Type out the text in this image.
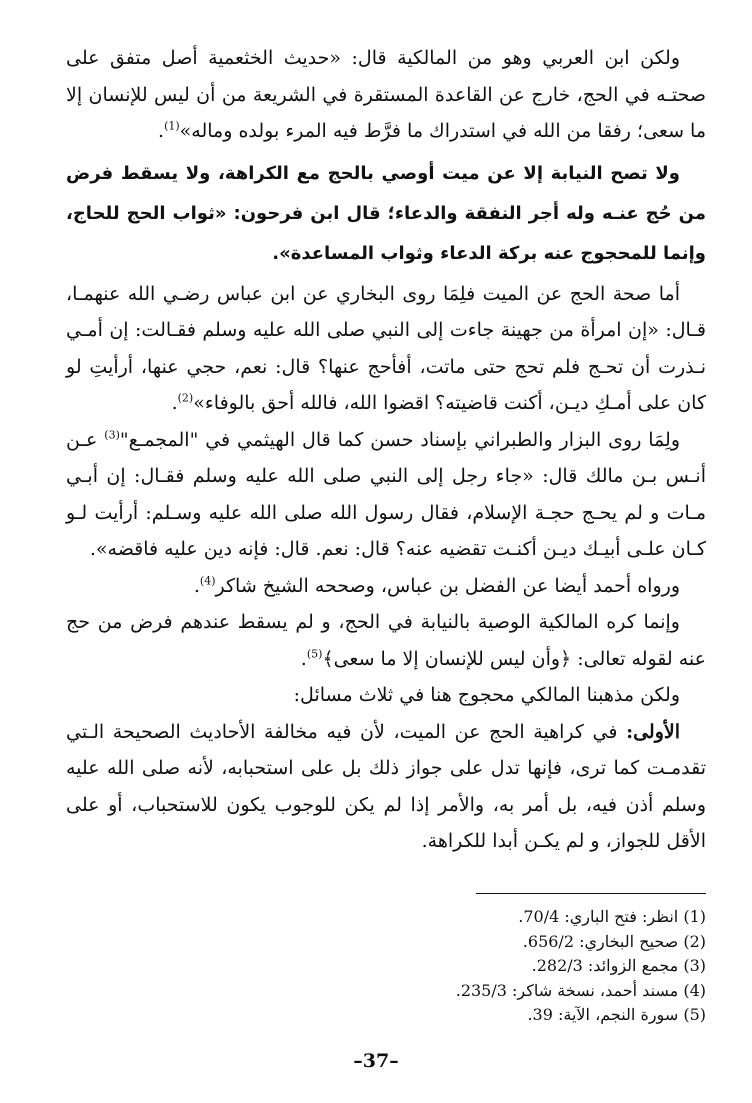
ولكن ابن العربي وهو من المالكية قال: «حديث الخثعمية أصل متفق على صحتـه في الحج، خارج عن القاعدة المستقرة في الشريعة من أن ليس للإنسان إلا ما سعى؛ رفقا من الله في استدراك ما فرَّط فيه المرء بولده وماله»$^{(1)}$.

ولا تصح النيابة إلا عن ميت أوصي بالحج مع الكراهة، ولا يسقط فرض من حُج عنـه وله أجر النفقة والدعاء؛ قال ابن فرحون: «ثواب الحج للحاج، وإنما للمحجوج عنه بركة الدعاء وثواب المساعدة».

أما صحة الحج عن الميت فلِمَا روى البخاري عن ابن عباس رضـي الله عنهمـا، قـال: «إن امرأة من جهينة جاءت إلى النبي صلى الله عليه وسلم فقـالت: إن أمـي نـذرت أن تحـج فلم تحج حتى ماتت، أفأحج عنها؟ قال: نعم، حجي عنها، أرأيتِ لو كان على أمـكِ ديـن، أكنت قاضيته؟ اقضوا الله، فالله أحق بالوفاء»$^{(2)}$.

ولِمَا روى البزار والطبراني بإسناد حسن كما قال الهيثمي في "المجمـع"$^{(3)}$ عـن أنـس بـن مالك قال: «جاء رجل إلى النبي صلى الله عليه وسلم فقـال: إن أبـي مـات و لم يحـج حجـة الإسلام، فقال رسول الله صلى الله عليه وسـلم: أرأيت لـو كـان علـى أبيـك ديـن أكنـت تقضيه عنه؟ قال: نعم. قال: فإنه دين عليه فاقضه».

ورواه أحمد أيضا عن الفضل بن عباس، وصححه الشيخ شاكر$^{(4)}$.

وإنما كره المالكية الوصية بالنيابة في الحج، و لم يسقط عندهم فرض من حج عنه لقوله تعالى: ﴿وأن ليس للإنسان إلا ما سعى﴾$^{(5)}$.

ولكن مذهبنا المالكي محجوج هنا في ثلاث مسائل:

الأولى: في كراهية الحج عن الميت، لأن فيه مخالفة الأحاديث الصحيحة الـتي تقدمـت كما ترى، فإنها تدل على جواز ذلك بل على استحبابه، لأنه صلى الله عليه وسلم أذن فيه، بل أمر به، والأمر إذا لم يكن للوجوب يكون للاستحباب، أو على الأقل للجواز، و لم يكـن أبدا للكراهة.

(1) انظر: فتح الباري: 70/4.

(2) صحيح البخاري: 656/2.

(3) مجمع الزوائد: 282/3.

(4) مسند أحمد، نسخة شاكر: 235/3.

(5) سورة النجم، الآية: 39.

–37–
